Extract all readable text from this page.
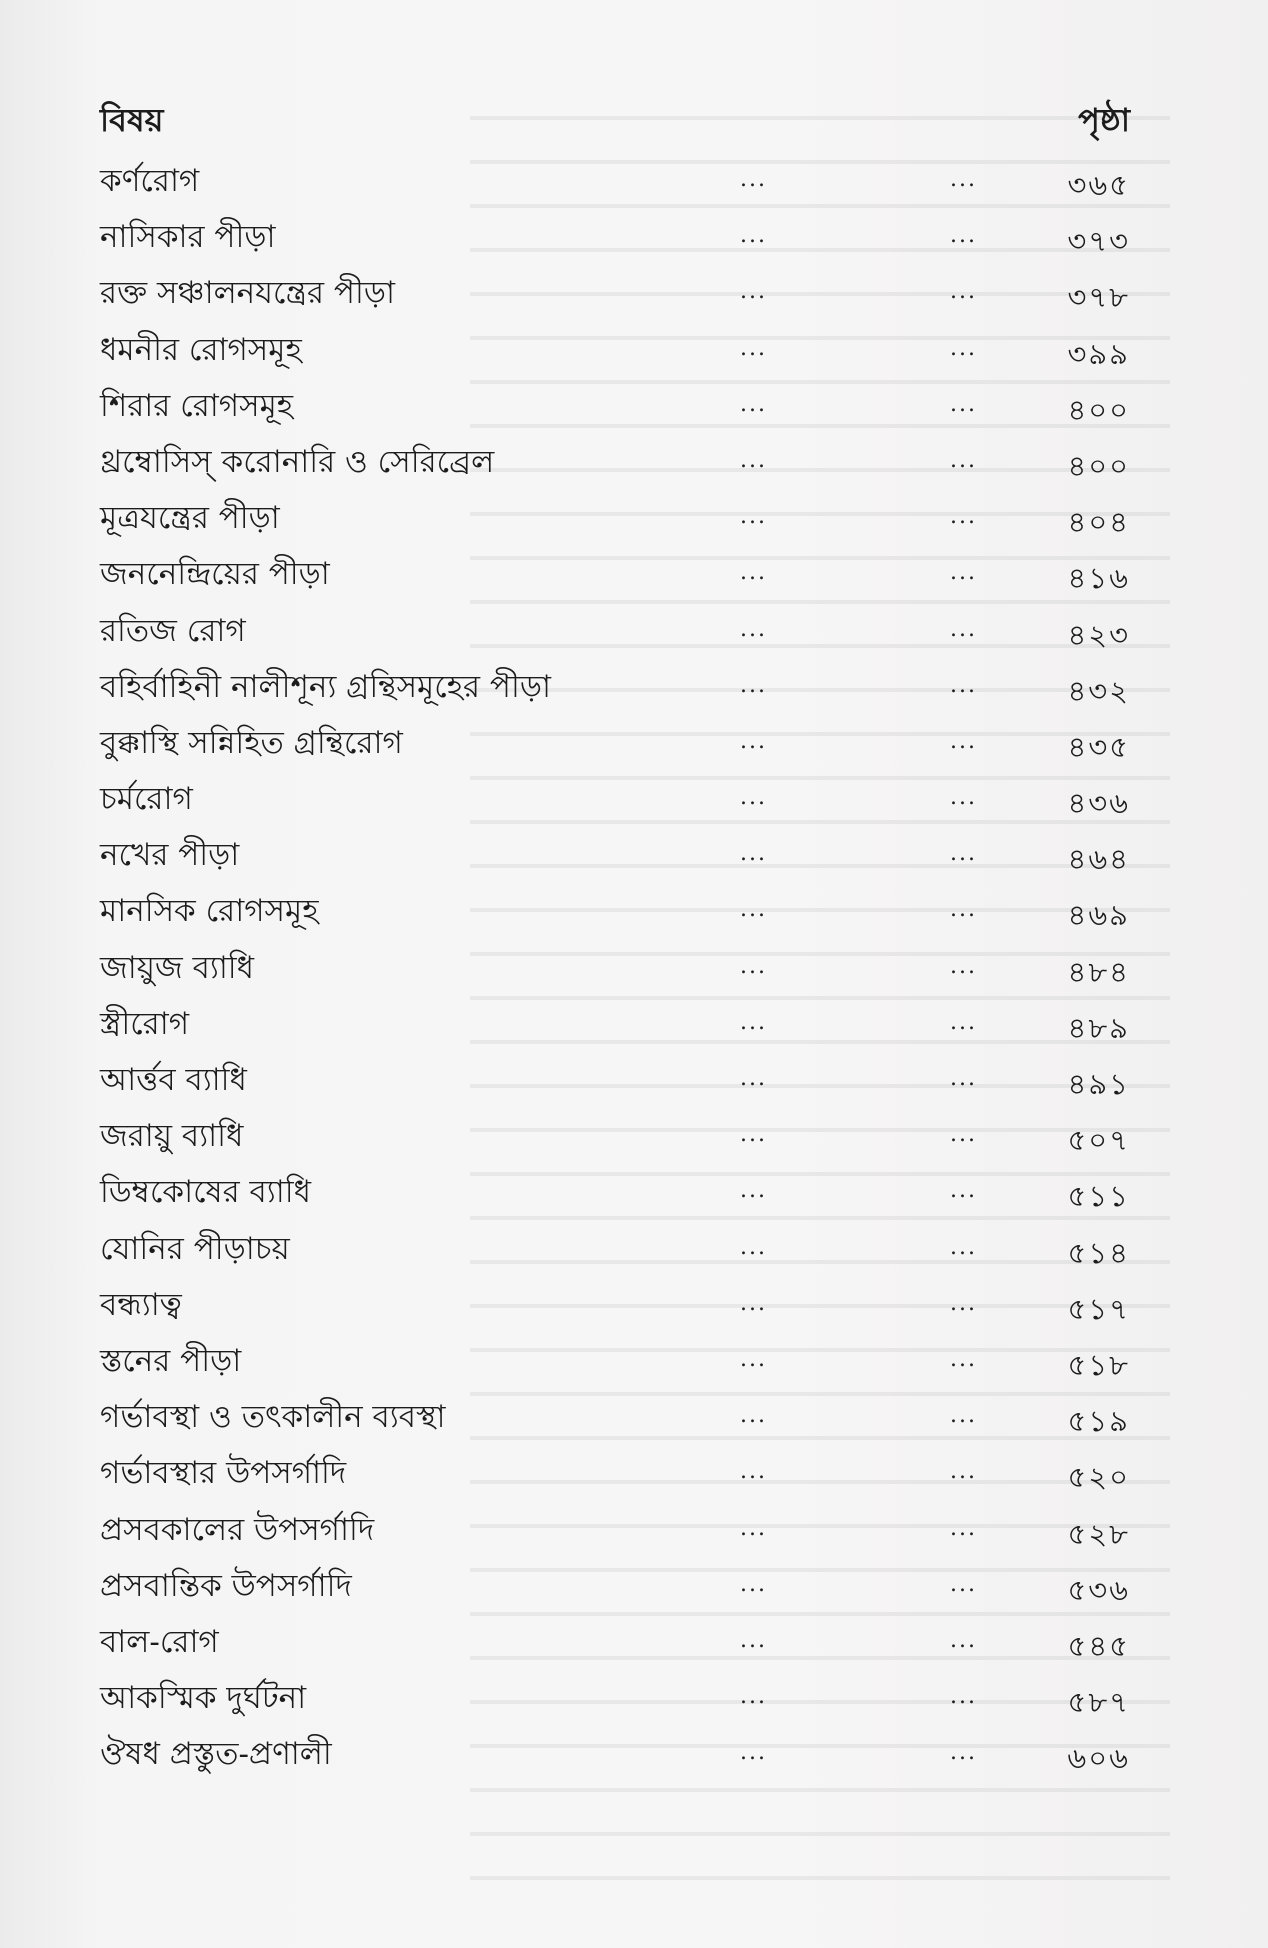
বিষয়	পৃষ্ঠা
কর্ণরোগ	...	...	৩৬৫
নাসিকার পীড়া	...	...	৩৭৩
রক্ত সঞ্চালনযন্ত্রের পীড়া	...	...	৩৭৮
ধমনীর রোগসমূহ	...	...	৩৯৯
শিরার রোগসমূহ	...	...	৪০০
থ্রম্বোসিস্ করোনারি ও সেরিব্রেল	...	...	৪০০
মূত্রযন্ত্রের পীড়া	...	...	৪০৪
জননেন্দ্রিয়ের পীড়া	...	...	৪১৬
রতিজ রোগ	...	...	৪২৩
বহির্বাহিনী নালীশূন্য গ্রন্থিসমূহের পীড়া	...	...	৪৩২
বুক্কাস্থি সন্নিহিত গ্রন্থিরোগ	...	...	৪৩৫
চর্মরোগ	...	...	৪৩৬
নখের পীড়া	...	...	৪৬৪
মানসিক রোগসমূহ	...	...	৪৬৯
জায়ুজ ব্যাধি	...	...	৪৮৪
স্ত্রীরোগ	...	...	৪৮৯
আর্ত্তব ব্যাধি	...	...	৪৯১
জরায়ু ব্যাধি	...	...	৫০৭
ডিম্বকোষের ব্যাধি	...	...	৫১১
যোনির পীড়াচয়	...	...	৫১৪
বন্ধ্যাত্ব	...	...	৫১৭
স্তনের পীড়া	...	...	৫১৮
গর্ভাবস্থা ও তৎকালীন ব্যবস্থা	...	...	৫১৯
গর্ভাবস্থার উপসর্গাদি	...	...	৫২০
প্রসবকালের উপসর্গাদি	...	...	৫২৮
প্রসবান্তিক উপসর্গাদি	...	...	৫৩৬
বাল-রোগ	...	...	৫৪৫
আকস্মিক দুর্ঘটনা	...	...	৫৮৭
ঔষধ প্রস্তুত-প্রণালী	...	...	৬০৬
